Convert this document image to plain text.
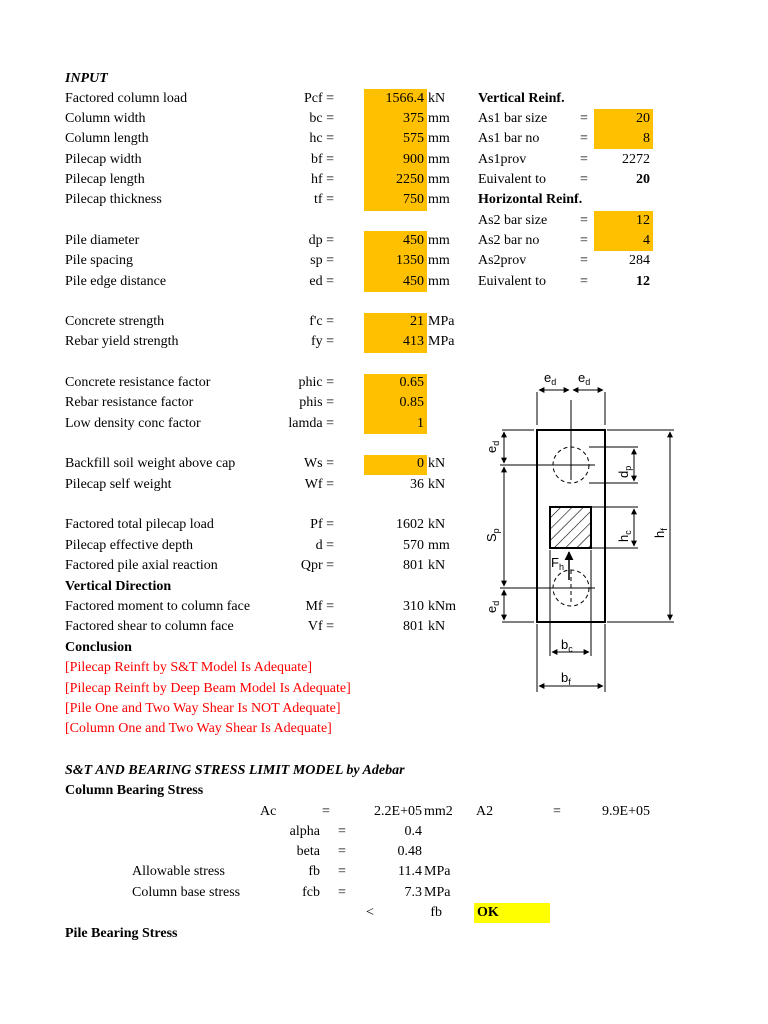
INPUT
Factored column load	Pcf =	1566.4 kN
Column width	bc =	375 mm
Column length	hc =	575 mm
Pilecap width	bf =	900 mm
Pilecap length	hf =	2250 mm
Pilecap thickness	tf =	750 mm
Pile diameter	dp =	450 mm
Pile spacing	sp =	1350 mm
Pile edge distance	ed =	450 mm
Concrete strength	f'c =	21 MPa
Rebar yield strength	fy =	413 MPa
Concrete resistance factor	phic =	0.65
Rebar resistance factor	phis =	0.85
Low density conc factor	lamda =	1
Backfill soil weight above cap	Ws =	0 kN
Pilecap self weight	Wf =	36 kN
Factored total pilecap load	Pf =	1602 kN
Pilecap effective depth	d =	570 mm
Factored pile axial reaction	Qpr =	801 kN
Factored moment to column face	Mf =	310 kNm
Factored shear to column face	Vf =	801 kN
Vertical Direction
Vertical Reinf.
As1 bar size =	20
As1 bar no	=	8
As1prov	=	2272
Euivalent to =	20
Horizontal Reinf.
As2 bar size =	12
As2 bar no	=	4
As2prov	=	284
Euivalent to =	12
Conclusion
[Pilecap Reinft by S&T Model Is Adequate]
[Pilecap Reinft by Deep Beam Model Is Adequate]
[Pile One and Two Way Shear Is NOT Adequate]
[Column One and Two Way Shear Is Adequate]
S&T AND BEARING STRESS LIMIT MODEL by Adebar
Column Bearing Stress
Ac	=	2.2E+05 mm2 A2	=	9.9E+05
alpha =	0.4
beta =	0.48
Allowable stress	fb =	11.4 MPa
Column base stress	fcb =	7.3 MPa
<	fb	OK
Pile Bearing Stress
$e_d$ $e_d$
$e_d$
$S_p$
$e_d$
$d_p$
$h_c$ $h_f$
$F_h$
$b_c$
$b_f$
